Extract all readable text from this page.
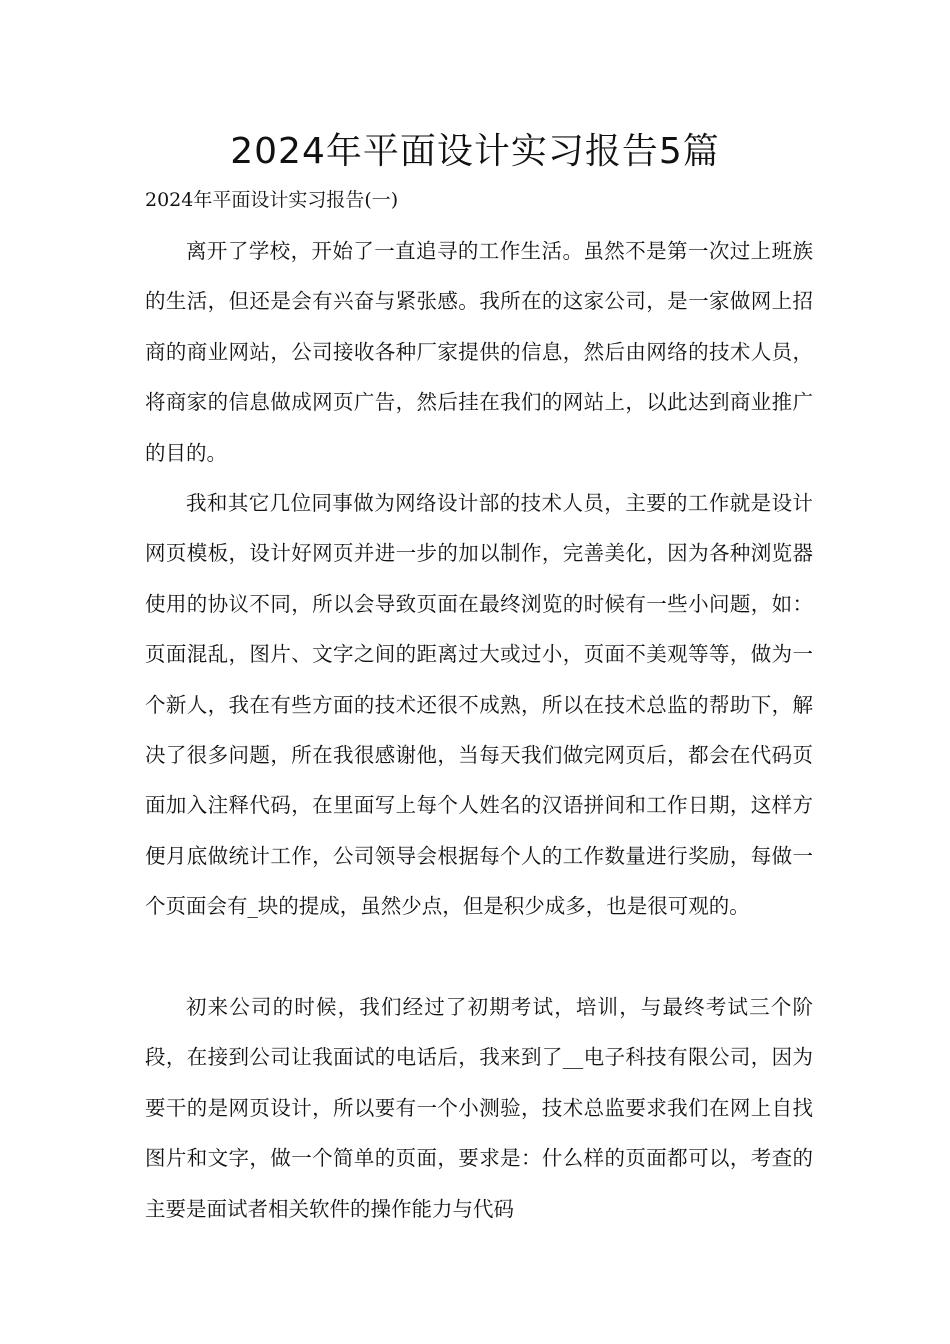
2024年平面设计实习报告5篇

2024年平面设计实习报告(一)

离开了学校，开始了一直追寻的工作生活。虽然不是第一次过上班族的生活，但还是会有兴奋与紧张感。我所在的这家公司，是一家做网上招商的商业网站，公司接收各种厂家提供的信息，然后由网络的技术人员，将商家的信息做成网页广告，然后挂在我们的网站上，以此达到商业推广的目的。

我和其它几位同事做为网络设计部的技术人员，主要的工作就是设计网页模板，设计好网页并进一步的加以制作，完善美化，因为各种浏览器使用的协议不同，所以会导致页面在最终浏览的时候有一些小问题，如：页面混乱，图片、文字之间的距离过大或过小，页面不美观等等，做为一个新人，我在有些方面的技术还很不成熟，所以在技术总监的帮助下，解决了很多问题，所在我很感谢他，当每天我们做完网页后，都会在代码页面加入注释代码，在里面写上每个人姓名的汉语拼间和工作日期，这样方便月底做统计工作，公司领导会根据每个人的工作数量进行奖励，每做一个页面会有_块的提成，虽然少点，但是积少成多，也是很可观的。

初来公司的时候，我们经过了初期考试，培训，与最终考试三个阶段，在接到公司让我面试的电话后，我来到了__电子科技有限公司，因为要干的是网页设计，所以要有一个小测验，技术总监要求我们在网上自找图片和文字，做一个简单的页面，要求是：什么样的页面都可以，考查的主要是面试者相关软件的操作能力与代码
